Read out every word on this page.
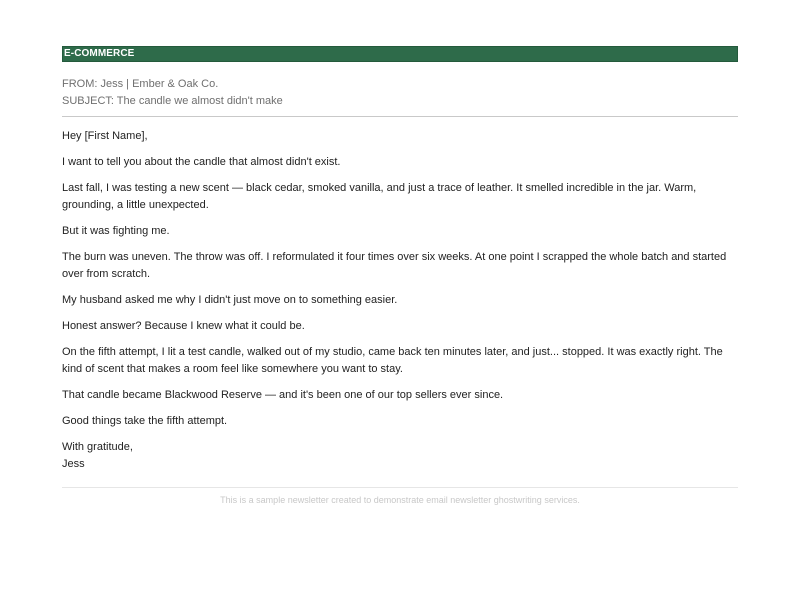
E-COMMERCE
FROM: Jess | Ember & Oak Co.
SUBJECT: The candle we almost didn't make

Hey [First Name],

I want to tell you about the candle that almost didn't exist.

Last fall, I was testing a new scent — black cedar, smoked vanilla, and just a trace of leather. It smelled incredible in the jar. Warm, grounding, a little unexpected.

But it was fighting me.

The burn was uneven. The throw was off. I reformulated it four times over six weeks. At one point I scrapped the whole batch and started over from scratch.

My husband asked me why I didn't just move on to something easier.

Honest answer? Because I knew what it could be.

On the fifth attempt, I lit a test candle, walked out of my studio, came back ten minutes later, and just... stopped. It was exactly right. The kind of scent that makes a room feel like somewhere you want to stay.

That candle became Blackwood Reserve — and it's been one of our top sellers ever since.

Good things take the fifth attempt.

With gratitude,

Jess

This is a sample newsletter created to demonstrate email newsletter ghostwriting services.
